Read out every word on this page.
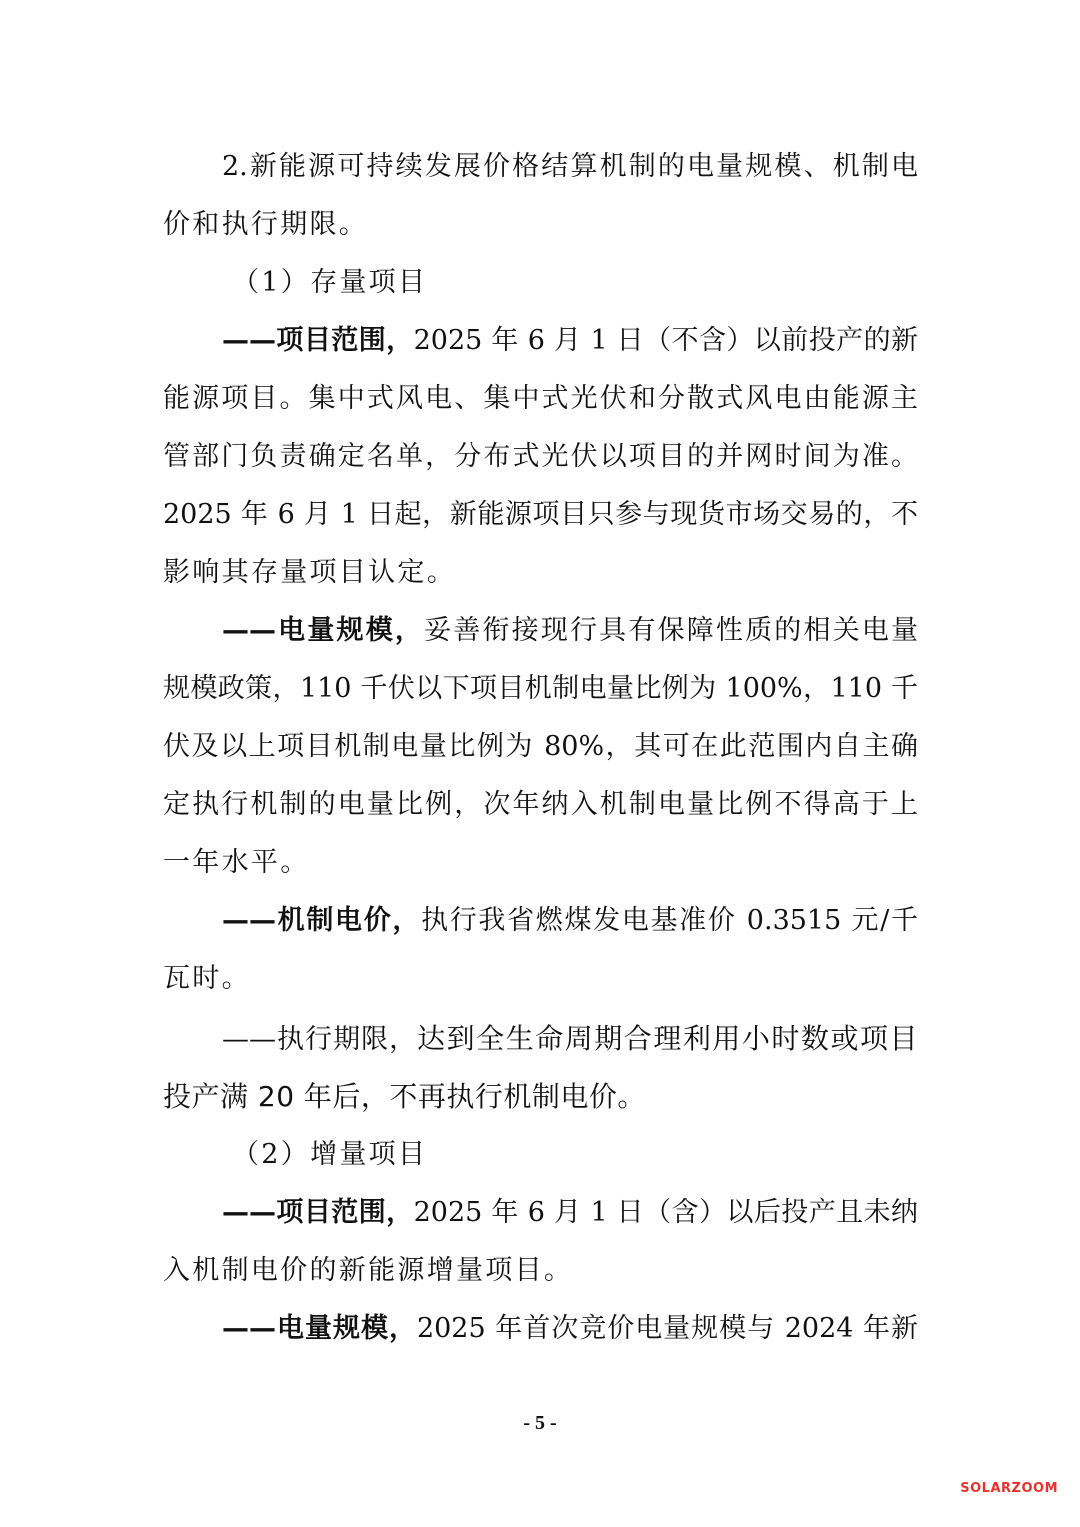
2.新能源可持续发展价格结算机制的电量规模、机制电
价和执行期限。
（1）存量项目
——项目范围，2025 年 6 月 1 日（不含）以前投产的新
能源项目。集中式风电、集中式光伏和分散式风电由能源主
管部门负责确定名单，分布式光伏以项目的并网时间为准。
2025 年 6 月 1 日起，新能源项目只参与现货市场交易的，不
影响其存量项目认定。
——电量规模，妥善衔接现行具有保障性质的相关电量
规模政策，110 千伏以下项目机制电量比例为 100%，110 千
伏及以上项目机制电量比例为 80%，其可在此范围内自主确
定执行机制的电量比例，次年纳入机制电量比例不得高于上
一年水平。
——机制电价，执行我省燃煤发电基准价 0.3515 元/千
瓦时。
——执行期限，达到全生命周期合理利用小时数或项目
投产满 20 年后，不再执行机制电价。
（2）增量项目
——项目范围，2025 年 6 月 1 日（含）以后投产且未纳
入机制电价的新能源增量项目。
——电量规模，2025 年首次竞价电量规模与 2024 年新
- 5 -
SOLARZOOM
